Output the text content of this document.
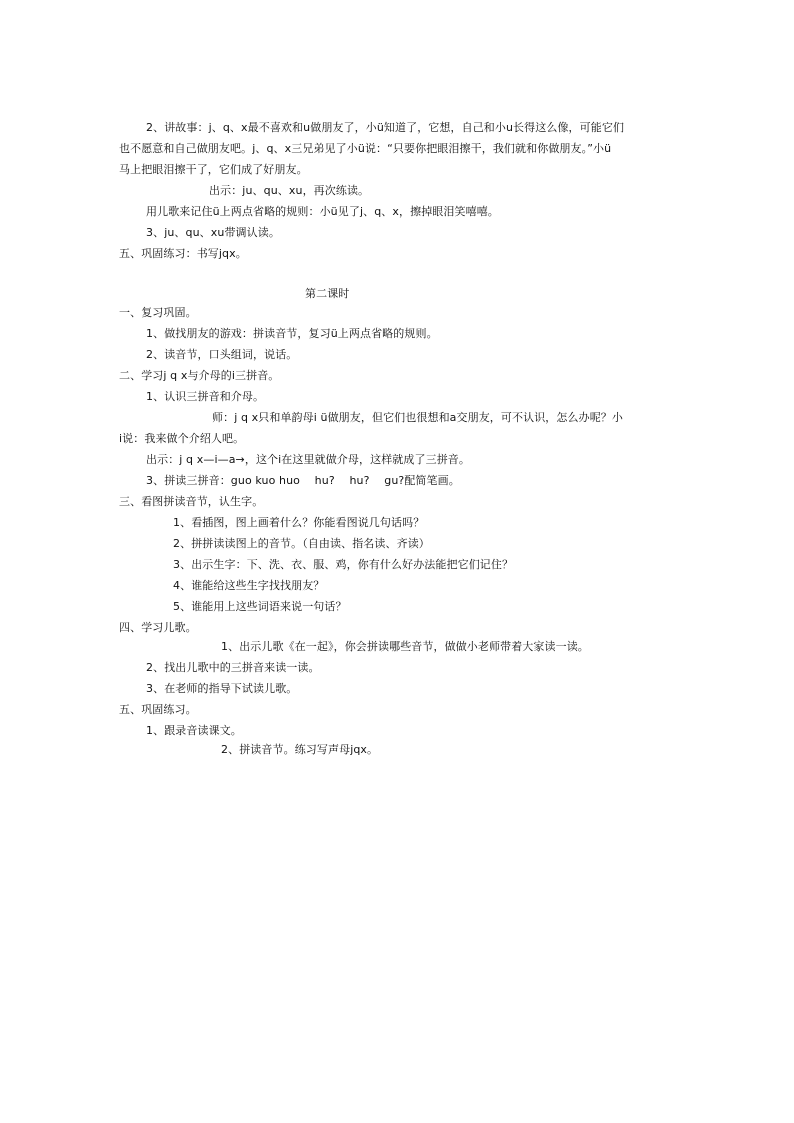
2、讲故事：j、q、x最不喜欢和u做朋友了，小ü知道了，它想，自己和小u长得这么像，可能它们
也不愿意和自己做朋友吧。j、q、x三兄弟见了小ü说：“只要你把眼泪擦干，我们就和你做朋友。”小ü
马上把眼泪擦干了，它们成了好朋友。
出示：ju、qu、xu，再次练读。
用儿歌来记住ü上两点省略的规则：小ü见了j、q、x，擦掉眼泪笑嘻嘻。
3、ju、qu、xu带调认读。
五、巩固练习：书写jqx。
第二课时
一、复习巩固。
1、做找朋友的游戏：拼读音节，复习ü上两点省略的规则。
2、读音节，口头组词，说话。
二、学习j q x与介母的i三拼音。
1、认识三拼音和介母。
师：j q x只和单韵母i ü做朋友，但它们也很想和a交朋友，可不认识，怎么办呢？小
i说：我来做个介绍人吧。
出示：j q x—i—a→，这个i在这里就做介母，这样就成了三拼音。
3、拼读三拼音：guo kuo huo　 hu?　 hu?　 gu?配简笔画。
三、看图拼读音节，认生字。
1、看插图，图上画着什么？你能看图说几句话吗？
2、拼拼读读图上的音节。（自由读、指名读、齐读）
3、出示生字：下、洗、衣、服、鸡，你有什么好办法能把它们记住？
4、谁能给这些生字找找朋友？
5、谁能用上这些词语来说一句话？
四、学习儿歌。
1、出示儿歌《在一起》，你会拼读哪些音节，做做小老师带着大家读一读。
2、找出儿歌中的三拼音来读一读。
3、在老师的指导下试读儿歌。
五、巩固练习。
1、跟录音读课文。
2、拼读音节。练习写声母jqx。
